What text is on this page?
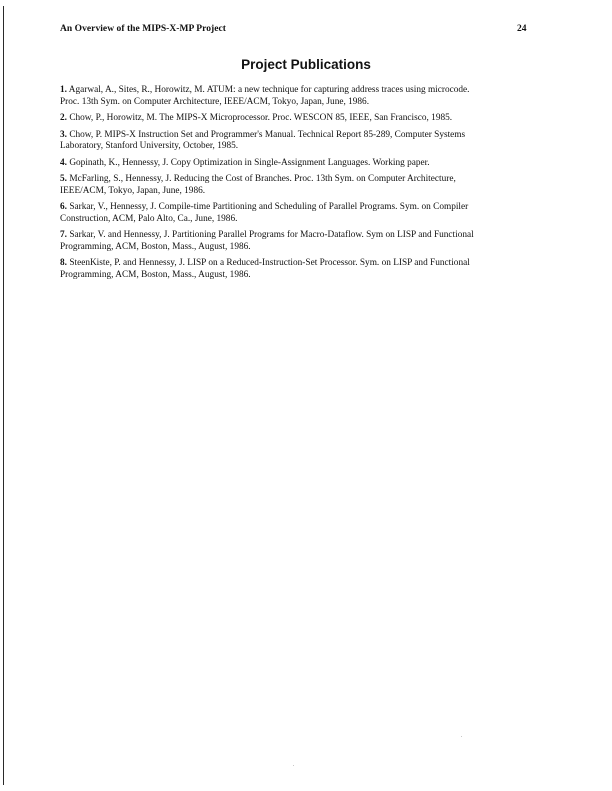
An Overview of the MIPS-X-MP Project	24
Project Publications
1. Agarwal, A., Sites, R., Horowitz, M. ATUM: a new technique for capturing address traces using microcode.
Proc. 13th Sym. on Computer Architecture, IEEE/ACM, Tokyo, Japan, June, 1986.
2. Chow, P., Horowitz, M. The MIPS-X Microprocessor. Proc. WESCON 85, IEEE, San Francisco, 1985.
3. Chow, P. MIPS-X Instruction Set and Programmer's Manual. Technical Report 85-289, Computer Systems
Laboratory, Stanford University, October, 1985.
4. Gopinath, K., Hennessy, J. Copy Optimization in Single-Assignment Languages. Working paper.
5. McFarling, S., Hennessy, J. Reducing the Cost of Branches. Proc. 13th Sym. on Computer Architecture,
IEEE/ACM, Tokyo, Japan, June, 1986.
6. Sarkar, V., Hennessy, J. Compile-time Partitioning and Scheduling of Parallel Programs. Sym. on Compiler
Construction, ACM, Palo Alto, Ca., June, 1986.
7. Sarkar, V. and Hennessy, J. Partitioning Parallel Programs for Macro-Dataflow. Sym on LISP and Functional
Programming, ACM, Boston, Mass., August, 1986.
8. SteenKiste, P. and Hennessy, J. LISP on a Reduced-Instruction-Set Processor. Sym. on LISP and Functional
Programming, ACM, Boston, Mass., August, 1986.
